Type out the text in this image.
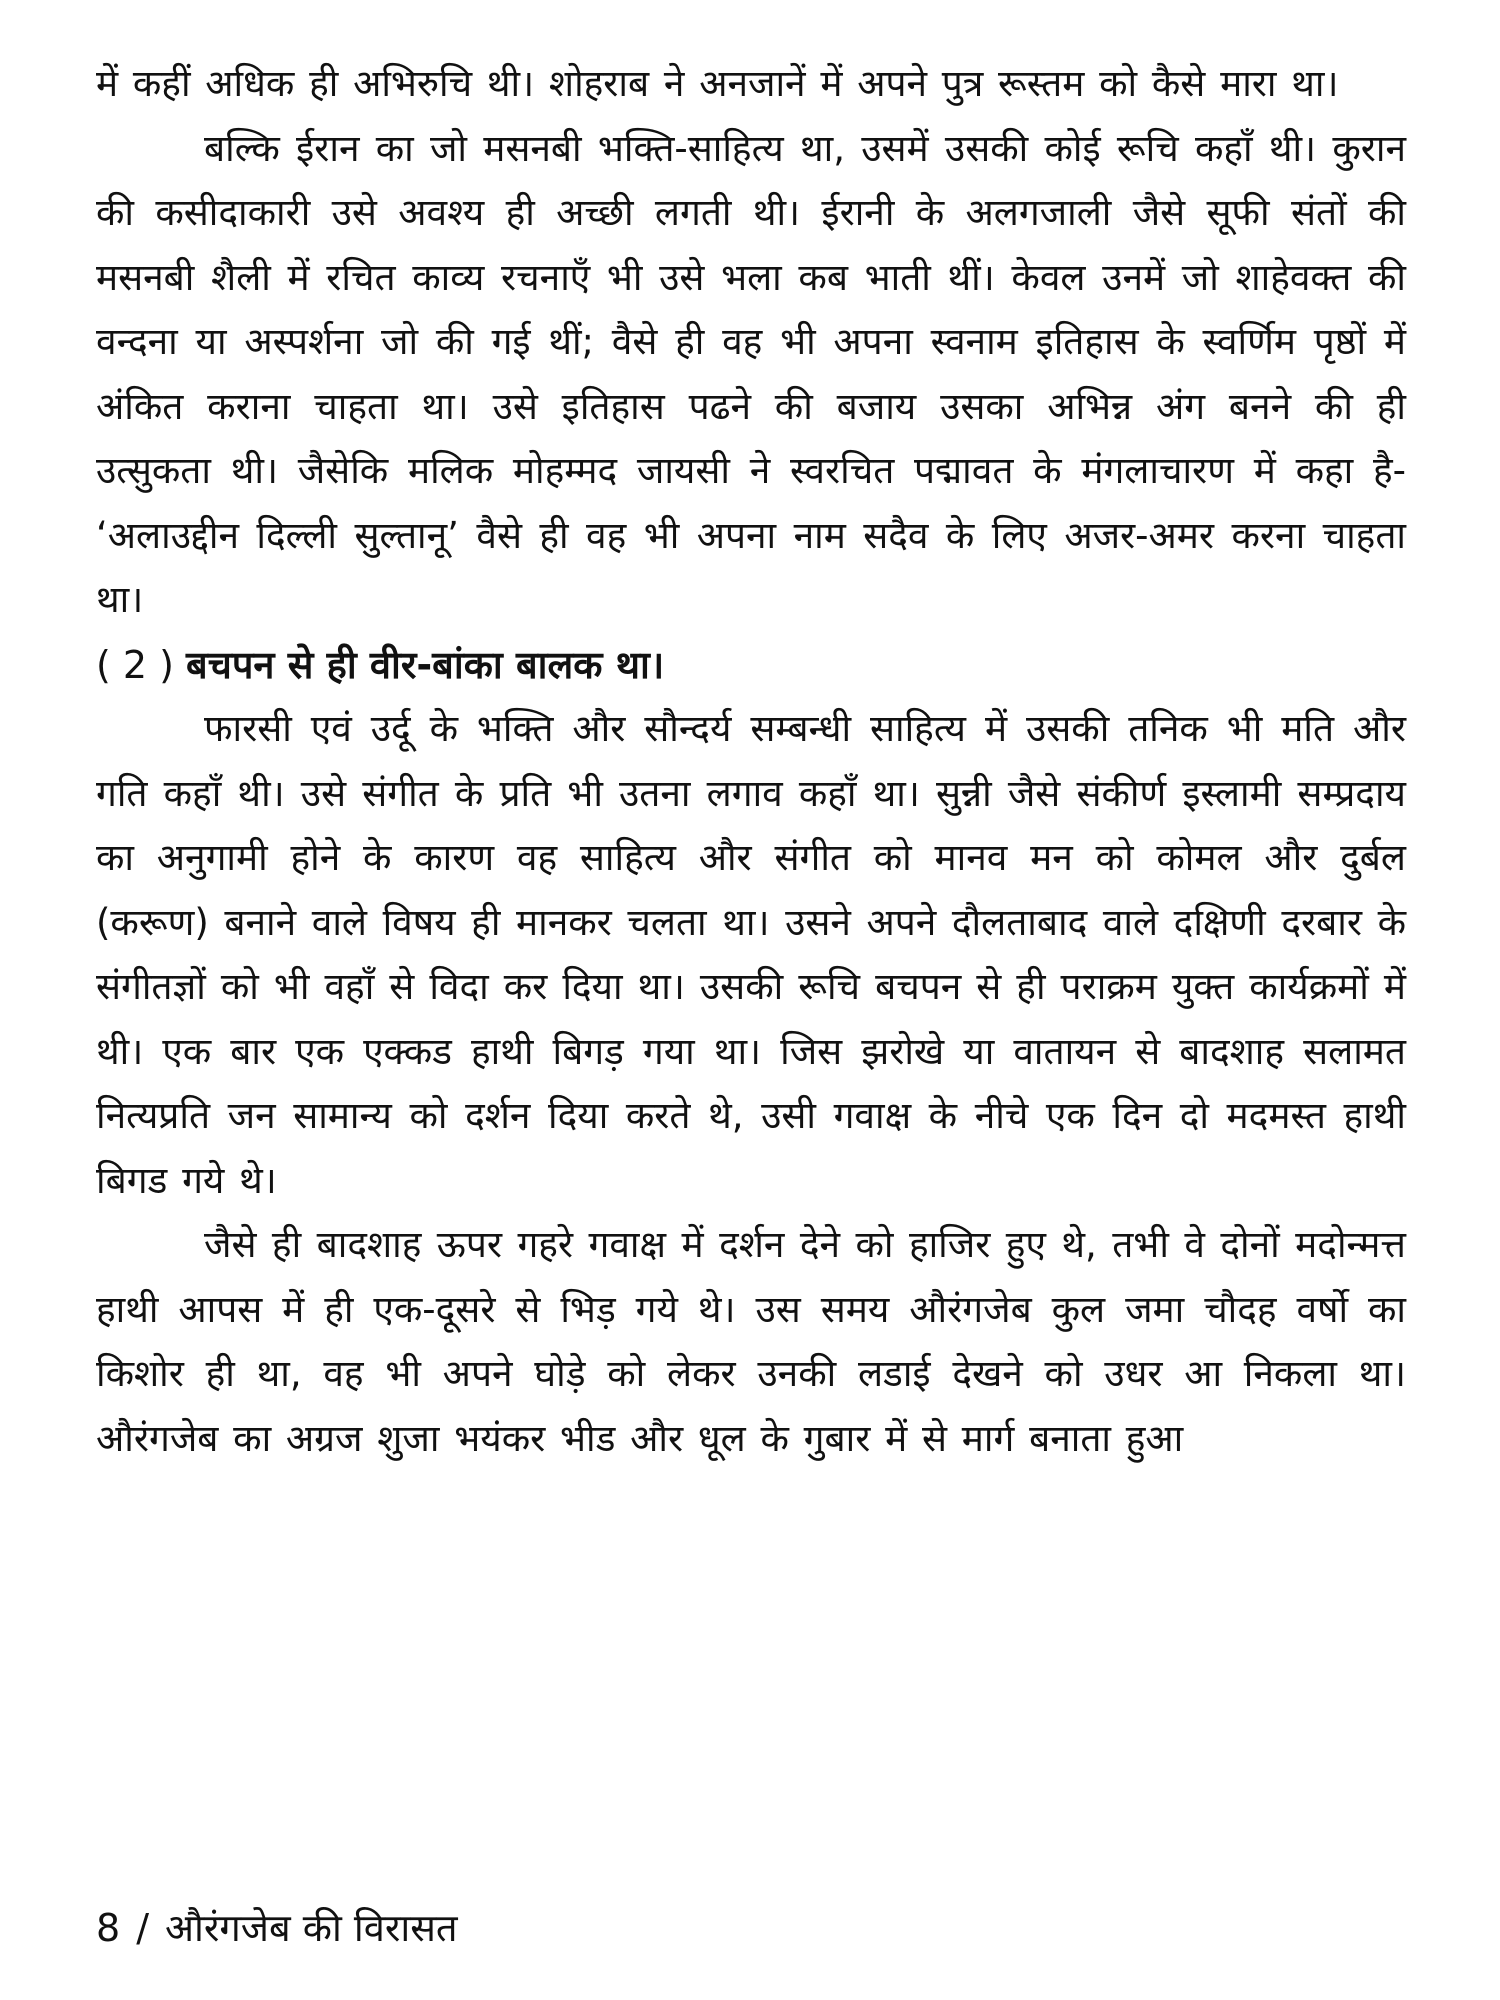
में कहीं अधिक ही अभिरुचि थी। शोहराब ने अनजानें में अपने पुत्र रूस्तम को कैसे मारा था।

बल्कि ईरान का जो मसनबी भक्ति-साहित्य था, उसमें उसकी कोई रूचि कहाँ थी। कुरान की कसीदाकारी उसे अवश्य ही अच्छी लगती थी। ईरानी के अलगजाली जैसे सूफी संतों की मसनबी शैली में रचित काव्य रचनाएँ भी उसे भला कब भाती थीं। केवल उनमें जो शाहेवक्त की वन्दना या अस्पर्शना जो की गई थीं; वैसे ही वह भी अपना स्वनाम इतिहास के स्वर्णिम पृष्ठों में अंकित कराना चाहता था। उसे इतिहास पढने की बजाय उसका अभिन्न अंग बनने की ही उत्सुकता थी। जैसेकि मलिक मोहम्मद जायसी ने स्वरचित पद्मावत के मंगलाचारण में कहा है- ‘अलाउद्दीन दिल्ली सुल्तानू’ वैसे ही वह भी अपना नाम सदैव के लिए अजर-अमर करना चाहता था।

( 2 ) बचपन से ही वीर-बांका बालक था।

फारसी एवं उर्दू के भक्ति और सौन्दर्य सम्बन्धी साहित्य में उसकी तनिक भी मति और गति कहाँ थी। उसे संगीत के प्रति भी उतना लगाव कहाँ था। सुन्नी जैसे संकीर्ण इस्लामी सम्प्रदाय का अनुगामी होने के कारण वह साहित्य और संगीत को मानव मन को कोमल और दुर्बल (करूण) बनाने वाले विषय ही मानकर चलता था। उसने अपने दौलताबाद वाले दक्षिणी दरबार के संगीतज्ञों को भी वहाँ से विदा कर दिया था। उसकी रूचि बचपन से ही पराक्रम युक्त कार्यक्रमों में थी। एक बार एक एक्कड हाथी बिगड़ गया था। जिस झरोखे या वातायन से बादशाह सलामत नित्यप्रति जन सामान्य को दर्शन दिया करते थे, उसी गवाक्ष के नीचे एक दिन दो मदमस्त हाथी बिगड गये थे।

जैसे ही बादशाह ऊपर गहरे गवाक्ष में दर्शन देने को हाजिर हुए थे, तभी वे दोनों मदोन्मत्त हाथी आपस में ही एक-दूसरे से भिड़ गये थे। उस समय औरंगजेब कुल जमा चौदह वर्षो का किशोर ही था, वह भी अपने घोड़े को लेकर उनकी लडाई देखने को उधर आ निकला था। औरंगजेब का अग्रज शुजा भयंकर भीड और धूल के गुबार में से मार्ग बनाता हुआ

8 / औरंगजेब की विरासत
